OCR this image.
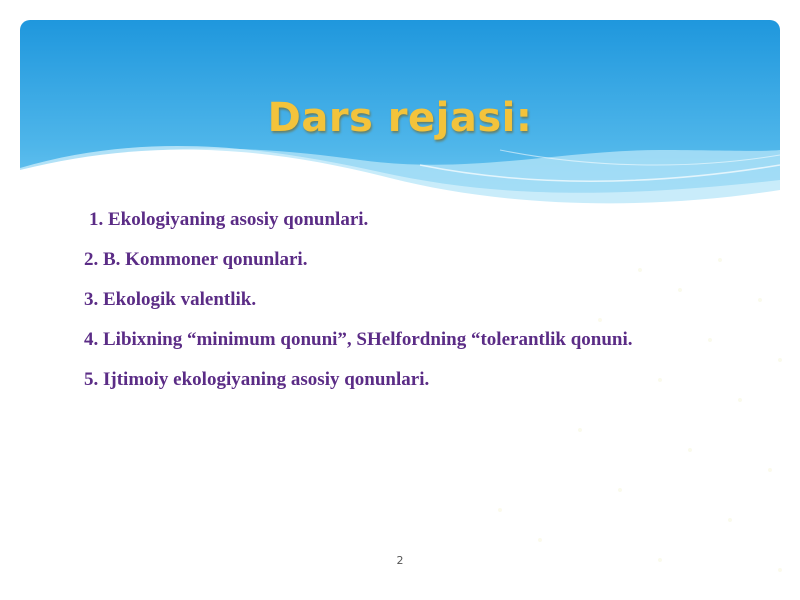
Dars rejasi:
1. Ekologiyaning asosiy qonunlari.
2. B. Kommoner qonunlari.
3. Ekologik valentlik.
4. Libixning “minimum qonuni”, SHelfordning “tolerantlik qonuni.
5. Ijtimoiy ekologiyaning asosiy qonunlari.
2
